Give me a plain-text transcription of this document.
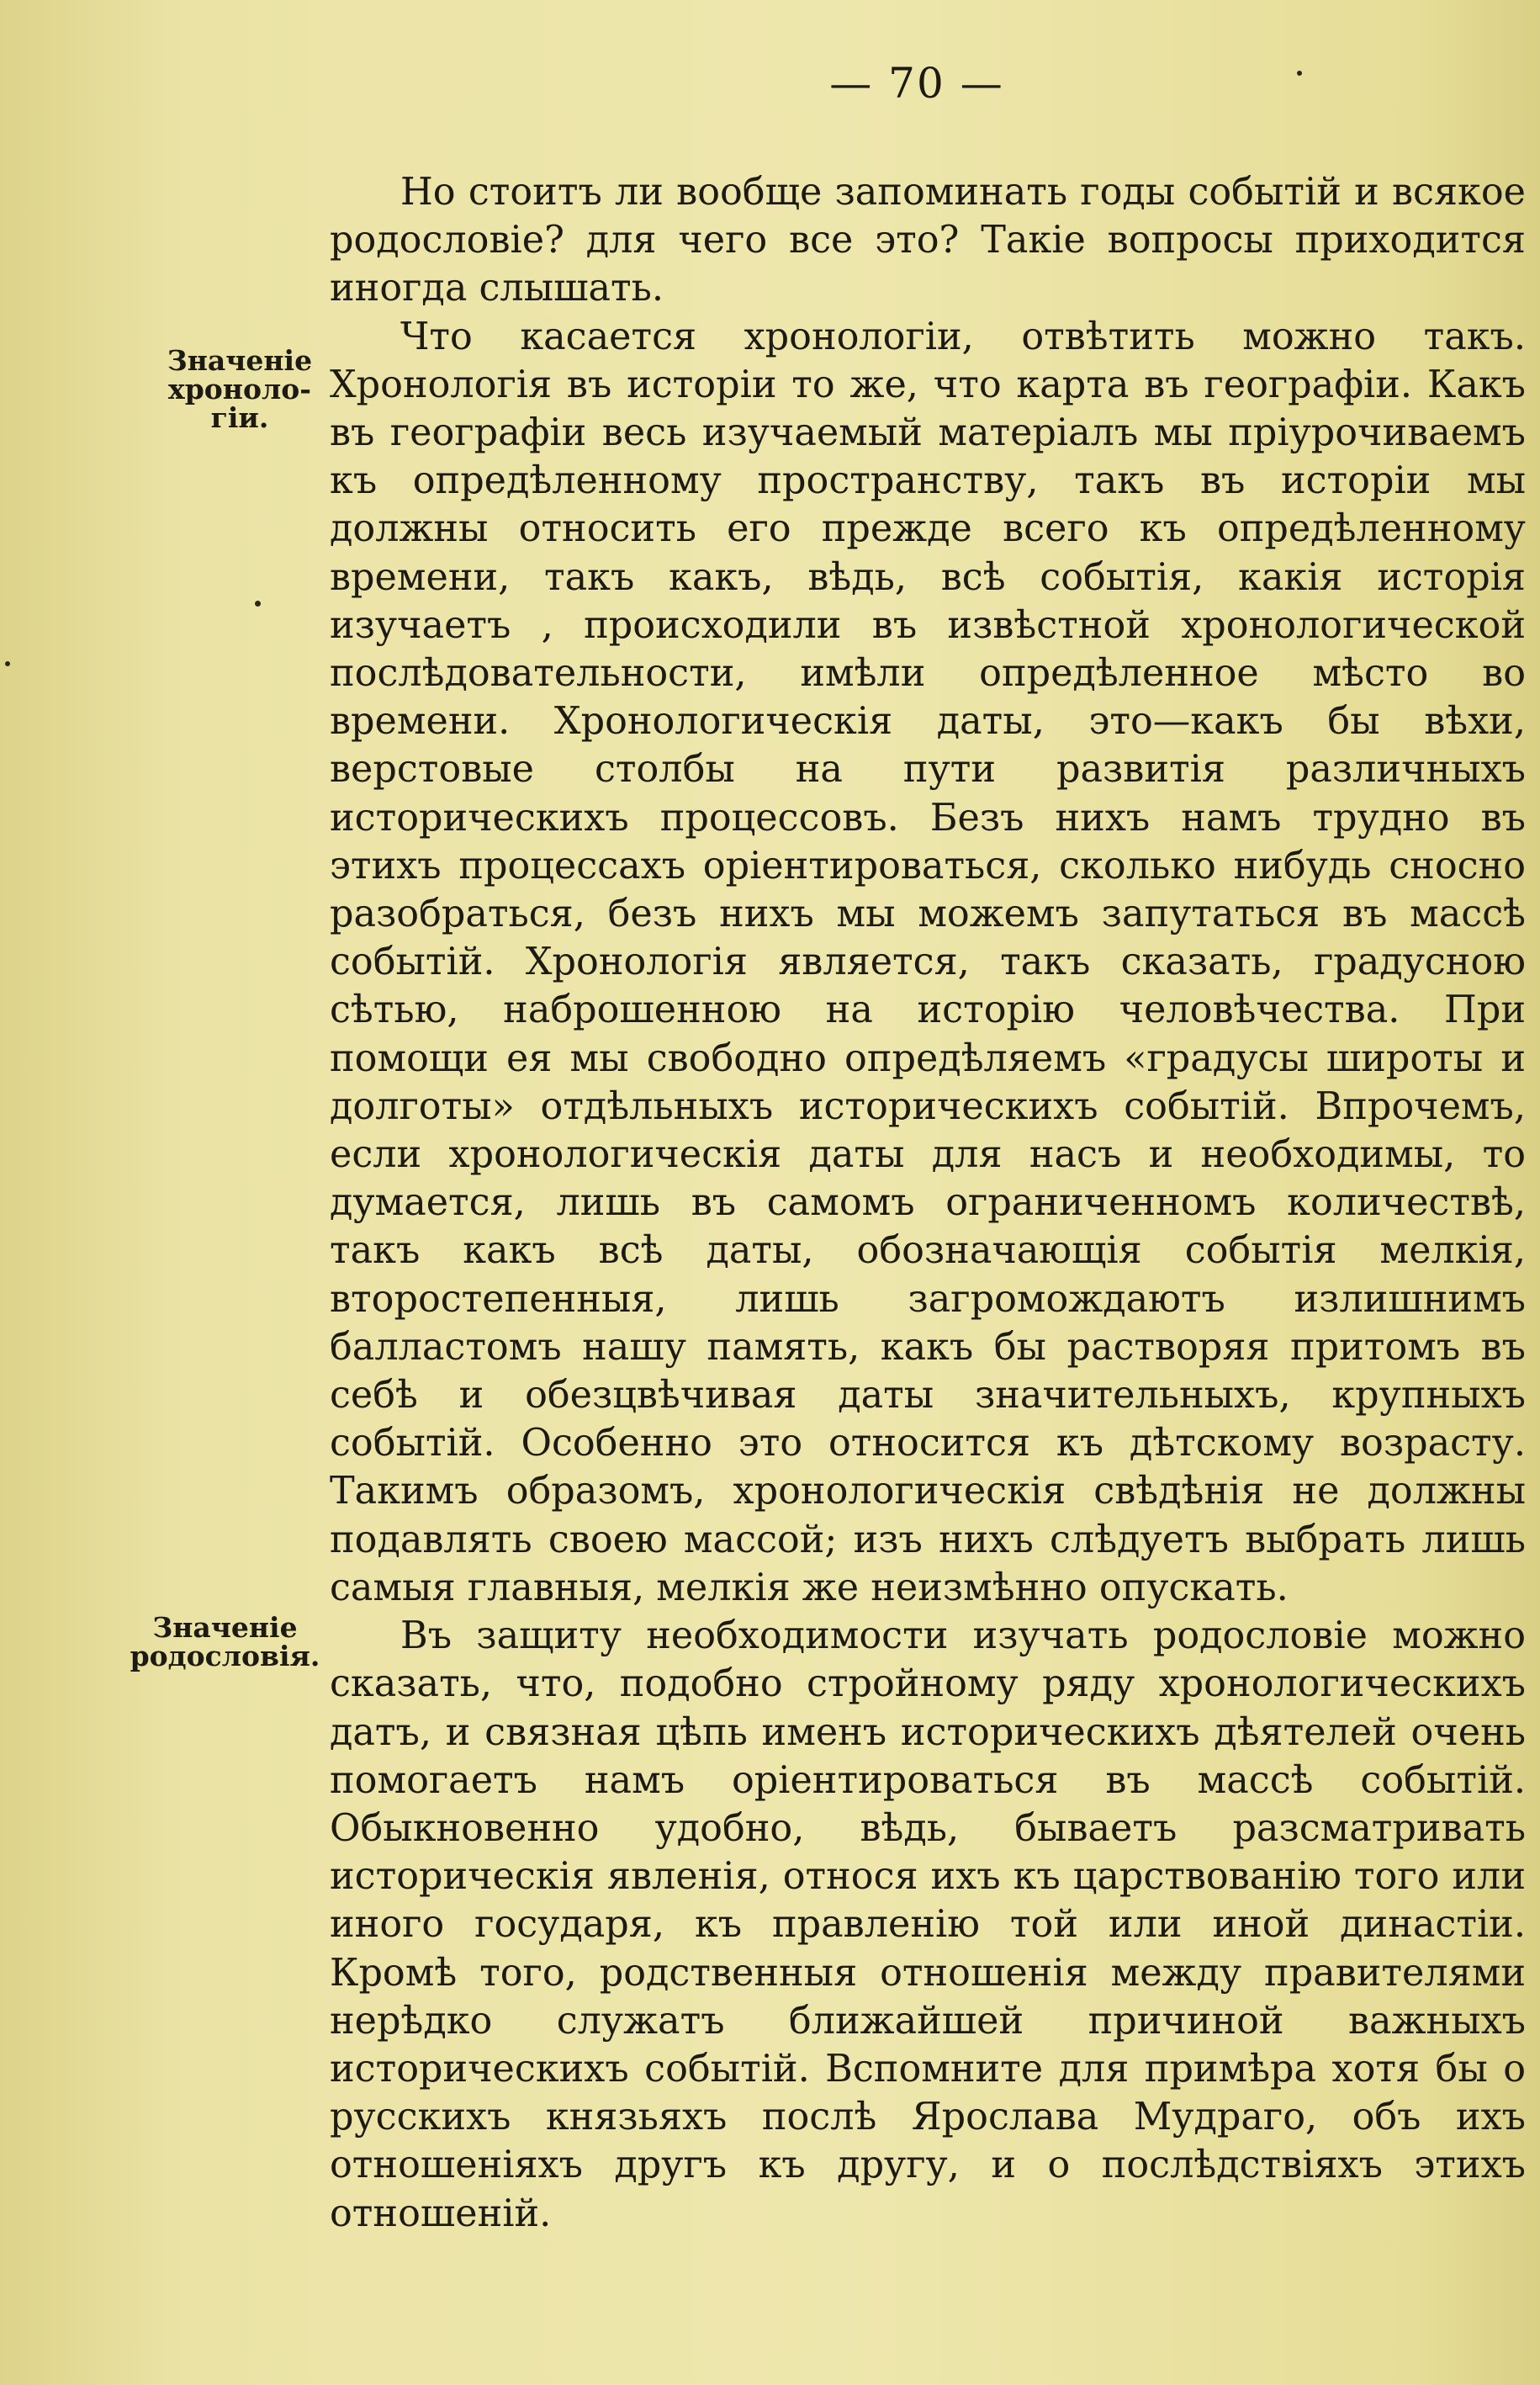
— 70 —
Значеніе
хроноло-
гіи.
Значеніе
родословія.

Но стоитъ ли вообще запоминать годы событій и всякое родословіе? для чего все это? Такіе вопросы приходится иногда слышать.

Что касается хронологіи, отвѣтить можно такъ. Хронологія въ исторіи то же, что карта въ географіи. Какъ въ географіи весь изучаемый матеріалъ мы пріурочиваемъ къ опредѣленному пространству, такъ въ исторіи мы должны относить его прежде всего къ опредѣленному времени, такъ какъ, вѣдь, всѣ событія, какія исторія изучаетъ , происходили въ извѣстной хронологической послѣдовательности, имѣли опредѣленное мѣсто во времени. Хронологическія даты, это—какъ бы вѣхи, верстовые столбы на пути развитія различныхъ историческихъ процессовъ. Безъ нихъ намъ трудно въ этихъ процессахъ оріентироваться, сколько нибудь сносно разобраться, безъ нихъ мы можемъ запутаться въ массѣ событій. Хронологія является, такъ сказать, градусною сѣтью, наброшенною на исторію человѣчества. При помощи ея мы свободно опредѣляемъ «градусы широты и долготы» отдѣльныхъ историческихъ событій. Впрочемъ, если хронологическія даты для насъ и необходимы, то думается, лишь въ самомъ ограниченномъ количествѣ, такъ какъ всѣ даты, обозначающія событія мелкія, второстепенныя, лишь загромождаютъ излишнимъ балластомъ нашу память, какъ бы растворяя притомъ въ себѣ и обезцвѣчивая даты значительныхъ, крупныхъ событій. Особенно это относится къ дѣтскому возрасту. Такимъ образомъ, хронологическія свѣдѣнія не должны подавлять своею массой; изъ нихъ слѣдуетъ выбрать лишь самыя главныя, мелкія же неизмѣнно опускать.

Въ защиту необходимости изучать родословіе можно сказать, что, подобно стройному ряду хронологическихъ датъ, и связная цѣпь именъ историческихъ дѣятелей очень помогаетъ намъ оріентироваться въ массѣ событій. Обыкновенно удобно, вѣдь, бываетъ разсматривать историческія явленія, относя ихъ къ царствованію того или иного государя, къ правленію той или иной династіи. Кромѣ того, родственныя отношенія между правителями нерѣдко служатъ ближайшей причиной важныхъ историческихъ событій. Вспомните для примѣра хотя бы о русскихъ князьяхъ послѣ Ярослава Мудраго, объ ихъ отношеніяхъ другъ къ другу, и о послѣдствіяхъ этихъ отношеній.
